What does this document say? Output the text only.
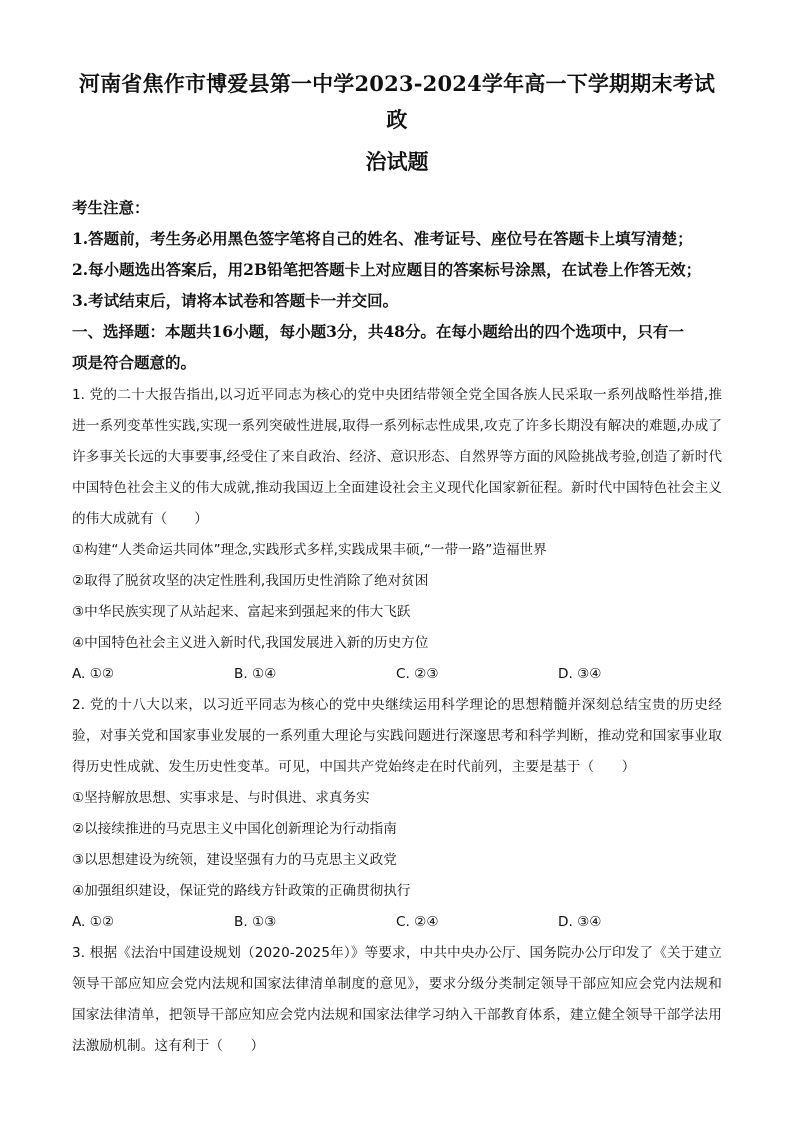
河南省焦作市博爱县第一中学2023-2024学年高一下学期期末考试政
治试题
考生注意：
1.答题前，考生务必用黑色签字笔将自己的姓名、准考证号、座位号在答题卡上填写清楚；
2.每小题选出答案后，用2B铅笔把答题卡上对应题目的答案标号涂黑，在试卷上作答无效；
3.考试结束后，请将本试卷和答题卡一并交回。
一、选择题：本题共16小题，每小题3分，共48分。在每小题给出的四个选项中，只有一
项是符合题意的。
1. 党的二十大报告指出,以习近平同志为核心的党中央团结带领全党全国各族人民采取一系列战略性举措,推进一系列变革性实践,实现一系列突破性进展,取得一系列标志性成果,攻克了许多长期没有解决的难题,办成了许多事关长远的大事要事,经受住了来自政治、经济、意识形态、自然界等方面的风险挑战考验,创造了新时代中国特色社会主义的伟大成就,推动我国迈上全面建设社会主义现代化国家新征程。新时代中国特色社会主义的伟大成就有（　　）
①构建“人类命运共同体”理念,实践形式多样,实践成果丰硕,“一带一路”造福世界
②取得了脱贫攻坚的决定性胜利,我国历史性消除了绝对贫困
③中华民族实现了从站起来、富起来到强起来的伟大飞跃
④中国特色社会主义进入新时代,我国发展进入新的历史方位
A. ①②	B. ①④	C. ②③	D. ③④
2. 党的十八大以来，以习近平同志为核心的党中央继续运用科学理论的思想精髓并深刻总结宝贵的历史经验，对事关党和国家事业发展的一系列重大理论与实践问题进行深邃思考和科学判断，推动党和国家事业取得历史性成就、发生历史性变革。可见，中国共产党始终走在时代前列，主要是基于（　　）
①坚持解放思想、实事求是、与时俱进、求真务实
②以接续推进的马克思主义中国化创新理论为行动指南
③以思想建设为统领，建设坚强有力的马克思主义政党
④加强组织建设，保证党的路线方针政策的正确贯彻执行
A. ①②	B. ①③	C. ②④	D. ③④
3. 根据《法治中国建设规划（2020-2025年）》等要求，中共中央办公厅、国务院办公厅印发了《关于建立领导干部应知应会党内法规和国家法律清单制度的意见》，要求分级分类制定领导干部应知应会党内法规和国家法律清单，把领导干部应知应会党内法规和国家法律学习纳入干部教育体系，建立健全领导干部学法用法激励机制。这有利于（　　）
